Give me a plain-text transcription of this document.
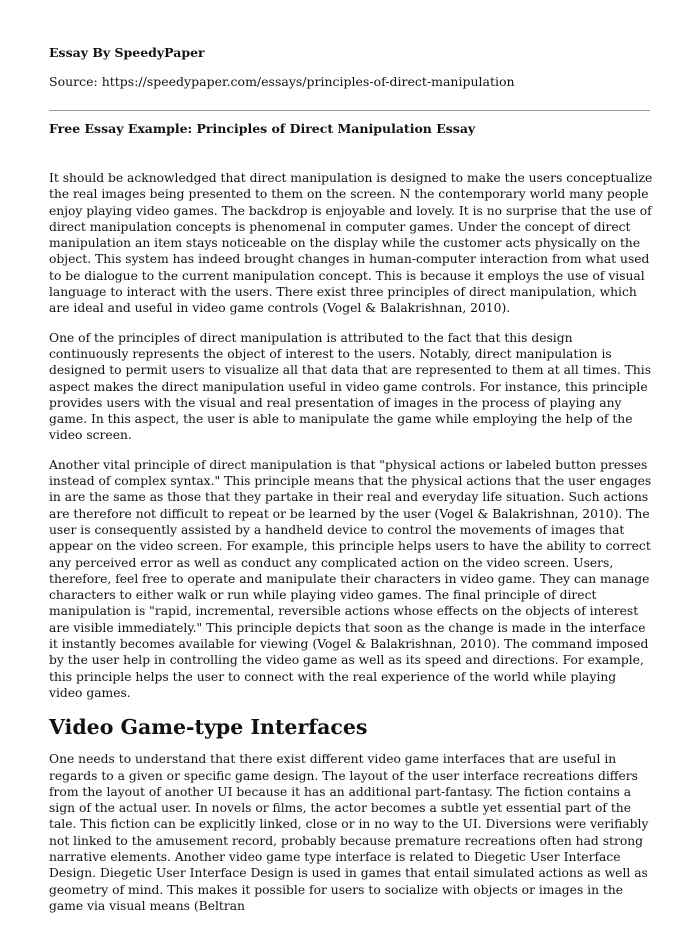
Essay By SpeedyPaper
Source: https://speedypaper.com/essays/principles-of-direct-manipulation
Free Essay Example: Principles of Direct Manipulation Essay

It should be acknowledged that direct manipulation is designed to make the users conceptualize the real images being presented to them on the screen. N the contemporary world many people enjoy playing video games. The backdrop is enjoyable and lovely. It is no surprise that the use of direct manipulation concepts is phenomenal in computer games. Under the concept of direct manipulation an item stays noticeable on the display while the customer acts physically on the object. This system has indeed brought changes in human-computer interaction from what used to be dialogue to the current manipulation concept. This is because it employs the use of visual language to interact with the users. There exist three principles of direct manipulation, which are ideal and useful in video game controls (Vogel & Balakrishnan, 2010).

One of the principles of direct manipulation is attributed to the fact that this design continuously represents the object of interest to the users. Notably, direct manipulation is designed to permit users to visualize all that data that are represented to them at all times. This aspect makes the direct manipulation useful in video game controls. For instance, this principle provides users with the visual and real presentation of images in the process of playing any game. In this aspect, the user is able to manipulate the game while employing the help of the video screen.

Another vital principle of direct manipulation is that "physical actions or labeled button presses instead of complex syntax." This principle means that the physical actions that the user engages in are the same as those that they partake in their real and everyday life situation. Such actions are therefore not difficult to repeat or be learned by the user (Vogel & Balakrishnan, 2010). The user is consequently assisted by a handheld device to control the movements of images that appear on the video screen. For example, this principle helps users to have the ability to correct any perceived error as well as conduct any complicated action on the video screen. Users, therefore, feel free to operate and manipulate their characters in video game. They can manage characters to either walk or run while playing video games. The final principle of direct manipulation is "rapid, incremental, reversible actions whose effects on the objects of interest are visible immediately." This principle depicts that soon as the change is made in the interface it instantly becomes available for viewing (Vogel & Balakrishnan, 2010). The command imposed by the user help in controlling the video game as well as its speed and directions. For example, this principle helps the user to connect with the real experience of the world while playing video games.

Video Game-type Interfaces

One needs to understand that there exist different video game interfaces that are useful in regards to a given or specific game design. The layout of the user interface recreations differs from the layout of another UI because it has an additional part-fantasy. The fiction contains a sign of the actual user. In novels or films, the actor becomes a subtle yet essential part of the tale. This fiction can be explicitly linked, close or in no way to the UI. Diversions were verifiably not linked to the amusement record, probably because premature recreations often had strong narrative elements. Another video game type interface is related to Diegetic User Interface Design. Diegetic User Interface Design is used in games that entail simulated actions as well as geometry of mind. This makes it possible for users to socialize with objects or images in the game via visual means (Beltran
